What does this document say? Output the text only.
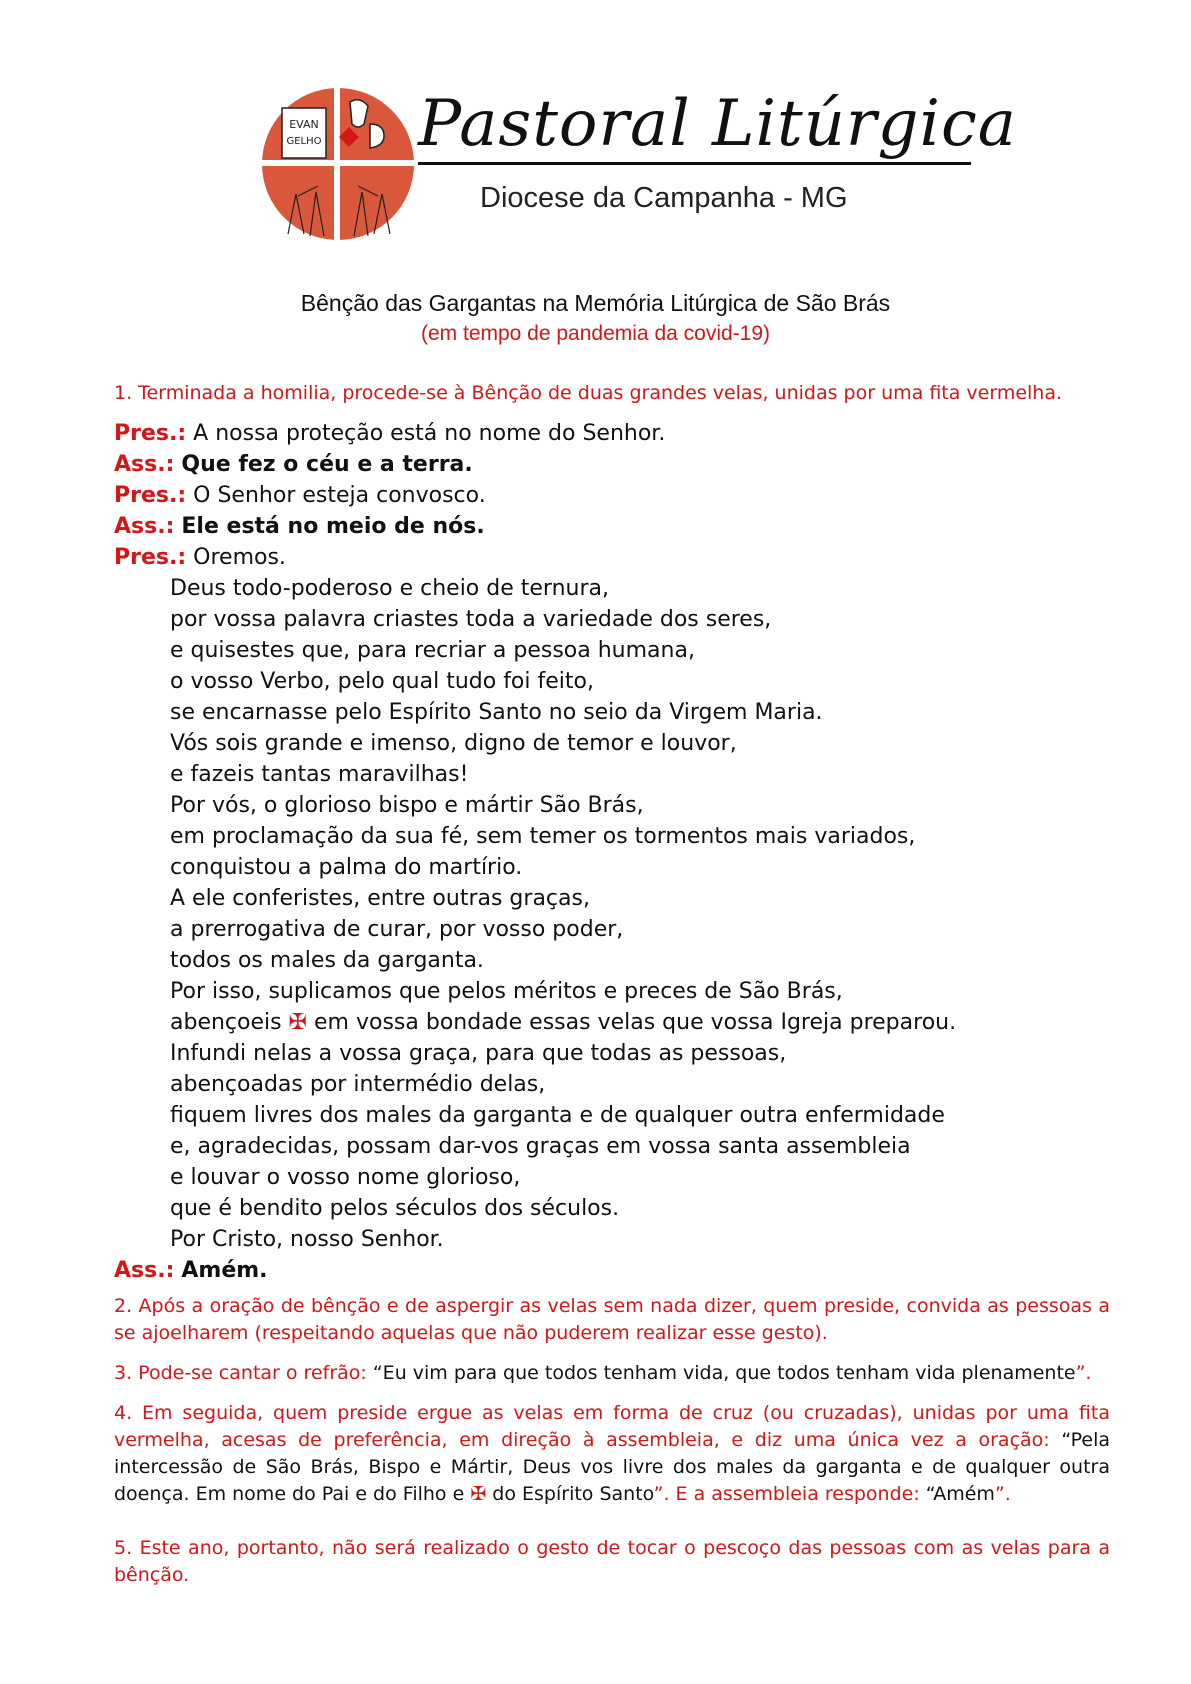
EVAN
GELHO Pastoral Litúrgica
Diocese da Campanha - MG
Bênção das Gargantas na Memória Litúrgica de São Brás
(em tempo de pandemia da covid-19)
1. Terminada a homilia, procede-se à Bênção de duas grandes velas, unidas por uma fita vermelha.
Pres.: A nossa proteção está no nome do Senhor.
Ass.: Que fez o céu e a terra.
Pres.: O Senhor esteja convosco.
Ass.: Ele está no meio de nós.
Pres.: Oremos.
Deus todo-poderoso e cheio de ternura,
por vossa palavra criastes toda a variedade dos seres,
e quisestes que, para recriar a pessoa humana,
o vosso Verbo, pelo qual tudo foi feito,
se encarnasse pelo Espírito Santo no seio da Virgem Maria.
Vós sois grande e imenso, digno de temor e louvor,
e fazeis tantas maravilhas!
Por vós, o glorioso bispo e mártir São Brás,
em proclamação da sua fé, sem temer os tormentos mais variados,
conquistou a palma do martírio.
A ele conferistes, entre outras graças,
a prerrogativa de curar, por vosso poder,
todos os males da garganta.
Por isso, suplicamos que pelos méritos e preces de São Brás,
abençoeis ✠ em vossa bondade essas velas que vossa Igreja preparou.
Infundi nelas a vossa graça, para que todas as pessoas,
abençoadas por intermédio delas,
fiquem livres dos males da garganta e de qualquer outra enfermidade
e, agradecidas, possam dar-vos graças em vossa santa assembleia
e louvar o vosso nome glorioso,
que é bendito pelos séculos dos séculos.
Por Cristo, nosso Senhor.
Ass.: Amém.
2. Após a oração de bênção e de aspergir as velas sem nada dizer, quem preside, convida as pessoas a se ajoelharem (respeitando aquelas que não puderem realizar esse gesto).
3. Pode-se cantar o refrão: “Eu vim para que todos tenham vida, que todos tenham vida plenamente”.
4. Em seguida, quem preside ergue as velas em forma de cruz (ou cruzadas), unidas por uma fita vermelha, acesas de preferência, em direção à assembleia, e diz uma única vez a oração: “Pela intercessão de São Brás, Bispo e Mártir, Deus vos livre dos males da garganta e de qualquer outra doença. Em nome do Pai e do Filho e ✠ do Espírito Santo”. E a assembleia responde: “Amém”.
5. Este ano, portanto, não será realizado o gesto de tocar o pescoço das pessoas com as velas para a bênção.
